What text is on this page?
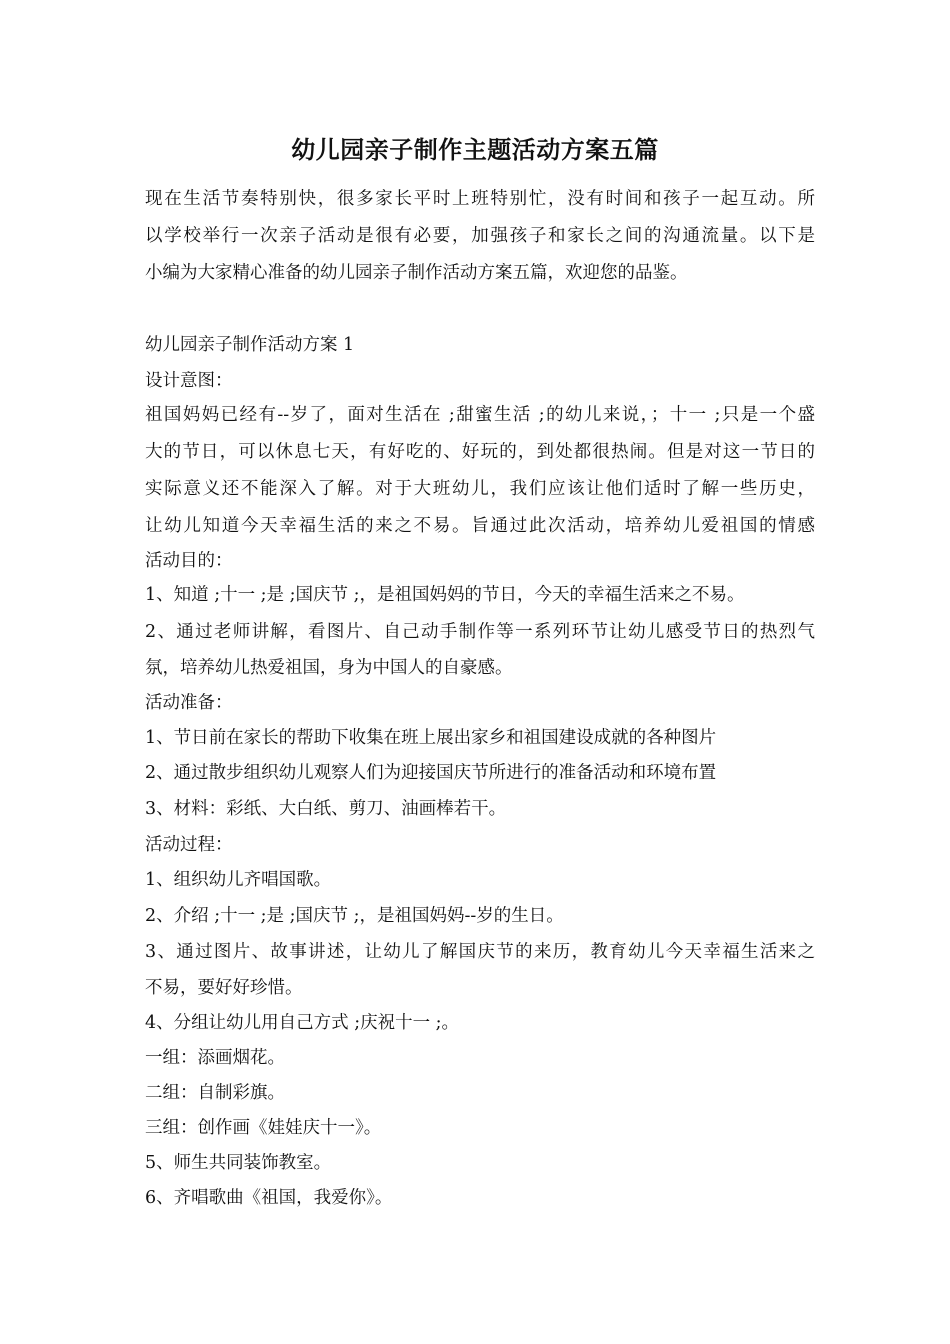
幼儿园亲子制作主题活动方案五篇
现在生活节奏特别快，很多家长平时上班特别忙，没有时间和孩子一起互动。所
以学校举行一次亲子活动是很有必要，加强孩子和家长之间的沟通流量。以下是
小编为大家精心准备的幼儿园亲子制作活动方案五篇，欢迎您的品鉴。
幼儿园亲子制作活动方案 1
设计意图：
祖国妈妈已经有--岁了，面对生活在 ;甜蜜生活 ;的幼儿来说，；十一 ;只是一个盛
大的节日，可以休息七天，有好吃的、好玩的，到处都很热闹。但是对这一节日的
实际意义还不能深入了解。对于大班幼儿，我们应该让他们适时了解一些历史，
让幼儿知道今天幸福生活的来之不易。旨通过此次活动，培养幼儿爱祖国的情感
活动目的：
1、知道 ;十一 ;是 ;国庆节 ;，是祖国妈妈的节日，今天的幸福生活来之不易。
2、通过老师讲解，看图片、自己动手制作等一系列环节让幼儿感受节日的热烈气
氛，培养幼儿热爱祖国，身为中国人的自豪感。
活动准备：
1、节日前在家长的帮助下收集在班上展出家乡和祖国建设成就的各种图片
2、通过散步组织幼儿观察人们为迎接国庆节所进行的准备活动和环境布置
3、材料：彩纸、大白纸、剪刀、油画棒若干。
活动过程：
1、组织幼儿齐唱国歌。
2、介绍 ;十一 ;是 ;国庆节 ;，是祖国妈妈--岁的生日。
3、通过图片、故事讲述，让幼儿了解国庆节的来历，教育幼儿今天幸福生活来之
不易，要好好珍惜。
4、分组让幼儿用自己方式 ;庆祝十一 ;。
一组：添画烟花。
二组：自制彩旗。
三组：创作画《娃娃庆十一》。
5、师生共同装饰教室。
6、齐唱歌曲《祖国，我爱你》。
